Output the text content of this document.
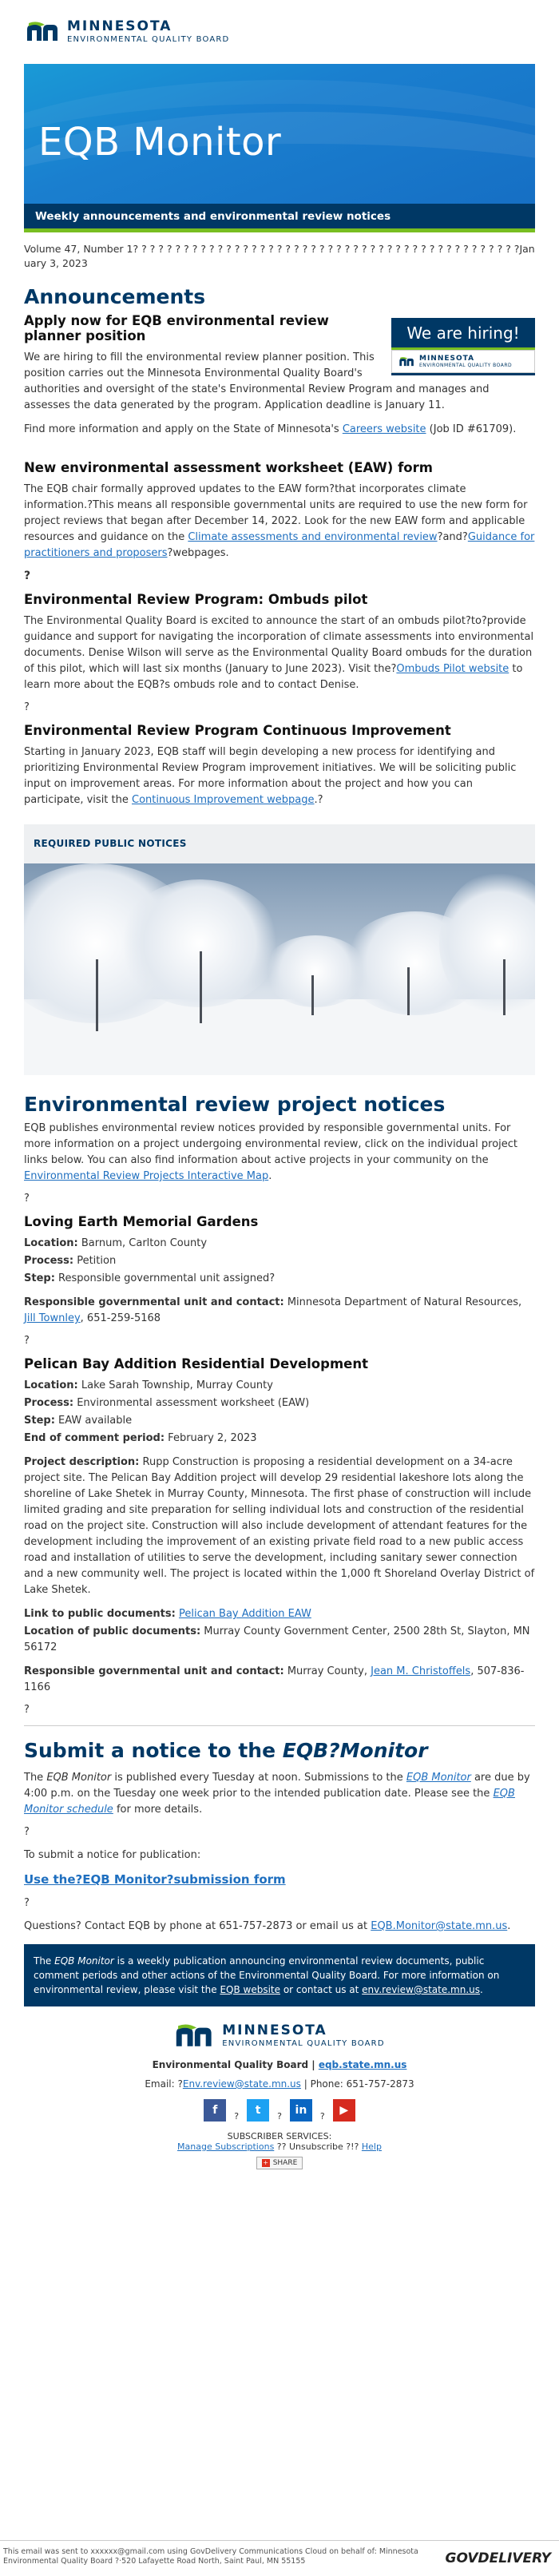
MINNESOTA
ENVIRONMENTAL QUALITY BOARD
EQB Monitor
Weekly announcements and environmental review notices
Volume 47, Number 1? ? ? ? ? ? ? ? ? ? ? ? ? ? ? ? ? ? ? ? ? ? ? ? ? ? ? ? ? ? ? ? ? ? ? ? ? ? ? ? ? ? ? ? ? ?January 3, 2023
Announcements
We are hiring!
MINNESOTA
ENVIRONMENTAL QUALITY BOARD
Apply now for EQB environmental review planner position

We are hiring to fill the environmental review planner position. This position carries out the Minnesota Environmental Quality Board's authorities and oversight of the state's Environmental Review Program and manages and assesses the data generated by the program. Application deadline is January 11.

Find more information and apply on the State of Minnesota's Careers website (Job ID #61709).

New environmental assessment worksheet (EAW) form

The EQB chair formally approved updates to the EAW form?that incorporates climate information.?This means all responsible governmental units are required to use the new form for project reviews that began after December 14, 2022. Look for the new EAW form and applicable resources and guidance on the Climate assessments and environmental review?and?Guidance for practitioners and proposers?webpages.

?
Environmental Review Program: Ombuds pilot

The Environmental Quality Board is excited to announce the start of an ombuds pilot?to?provide guidance and support for navigating the incorporation of climate assessments into environmental documents. Denise Wilson will serve as the Environmental Quality Board ombuds for the duration of this pilot, which will last six months (January to June 2023). Visit the?Ombuds Pilot website to learn more about the EQB?s ombuds role and to contact Denise.

?
Environmental Review Program Continuous Improvement

Starting in January 2023, EQB staff will begin developing a new process for identifying and prioritizing Environmental Review Program improvement initiatives. We will be soliciting public input on improvement areas. For more information about the project and how you can participate, visit the Continuous Improvement webpage.?

REQUIRED PUBLIC NOTICES
Environmental review project notices

EQB publishes environmental review notices provided by responsible governmental units. For more information on a project undergoing environmental review, click on the individual project links below. You can also find information about active projects in your community on the Environmental Review Projects Interactive Map.

?
Loving Earth Memorial Gardens

Location: Barnum, Carlton County

Process: Petition

Step: Responsible governmental unit assigned?

Responsible governmental unit and contact: Minnesota Department of Natural Resources, Jill Townley, 651-259-5168

?
Pelican Bay Addition Residential Development

Location: Lake Sarah Township, Murray County

Process: Environmental assessment worksheet (EAW)

Step: EAW available

End of comment period: February 2, 2023

Project description: Rupp Construction is proposing a residential development on a 34-acre project site. The Pelican Bay Addition project will develop 29 residential lakeshore lots along the shoreline of Lake Shetek in Murray County, Minnesota. The first phase of construction will include limited grading and site preparation for selling individual lots and construction of the residential road on the project site. Construction will also include development of attendant features for the development including the improvement of an existing private field road to a new public access road and installation of utilities to serve the development, including sanitary sewer connection and a new community well. The project is located within the 1,000 ft Shoreland Overlay District of Lake Shetek.

Link to public documents: Pelican Bay Addition EAW

Location of public documents: Murray County Government Center, 2500 28th St, Slayton, MN 56172

Responsible governmental unit and contact: Murray County, Jean M. Christoffels, 507-836-1166

?
Submit a notice to the EQB?Monitor

The EQB Monitor is published every Tuesday at noon. Submissions to the EQB Monitor are due by 4:00 p.m. on the Tuesday one week prior to the intended publication date. Please see the EQB Monitor schedule for more details.

?

To submit a notice for publication:

Use the?EQB Monitor?submission form

?

Questions? Contact EQB by phone at 651-757-2873 or email us at EQB.Monitor@state.mn.us.

The EQB Monitor is a weekly publication announcing environmental review documents, public comment periods and other actions of the Environmental Quality Board. For more information on environmental review, please visit the EQB website or contact us at env.review@state.mn.us.
MINNESOTA
ENVIRONMENTAL QUALITY BOARD
Environmental Quality Board | eqb.state.mn.us
Email: ?Env.review@state.mn.us | Phone: 651-757-2873
f	?	t	?	in	?	▶
SUBSCRIBER SERVICES:
Manage Subscriptions ?? Unsubscribe ?!? Help
+ SHARE
This email was sent to xxxxxx@gmail.com using GovDelivery Communications Cloud on behalf of: Minnesota Environmental Quality Board ?·520 Lafayette Road North, Saint Paul, MN 55155	GOVDELIVERY
